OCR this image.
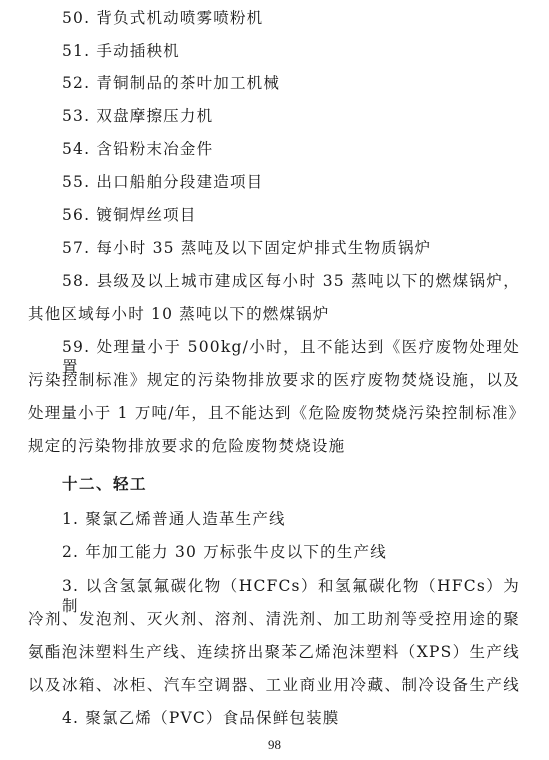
50. 背负式机动喷雾喷粉机
51. 手动插秧机
52. 青铜制品的茶叶加工机械
53. 双盘摩擦压力机
54. 含铅粉末冶金件
55. 出口船舶分段建造项目
56. 镀铜焊丝项目
57. 每小时 35 蒸吨及以下固定炉排式生物质锅炉
58. 县级及以上城市建成区每小时 35 蒸吨以下的燃煤锅炉，
其他区域每小时 10 蒸吨以下的燃煤锅炉
59. 处理量小于 500kg/小时，且不能达到《医疗废物处理处置
污染控制标准》规定的污染物排放要求的医疗废物焚烧设施，以及
处理量小于 1 万吨/年，且不能达到《危险废物焚烧污染控制标准》
规定的污染物排放要求的危险废物焚烧设施
十二、轻工
1. 聚氯乙烯普通人造革生产线
2. 年加工能力 30 万标张牛皮以下的生产线
3. 以含氢氯氟碳化物（HCFCs）和氢氟碳化物（HFCs）为制
冷剂、发泡剂、灭火剂、溶剂、清洗剂、加工助剂等受控用途的聚
氨酯泡沫塑料生产线、连续挤出聚苯乙烯泡沫塑料（XPS）生产线
以及冰箱、冰柜、汽车空调器、工业商业用冷藏、制冷设备生产线
4. 聚氯乙烯（PVC）食品保鲜包装膜
98
